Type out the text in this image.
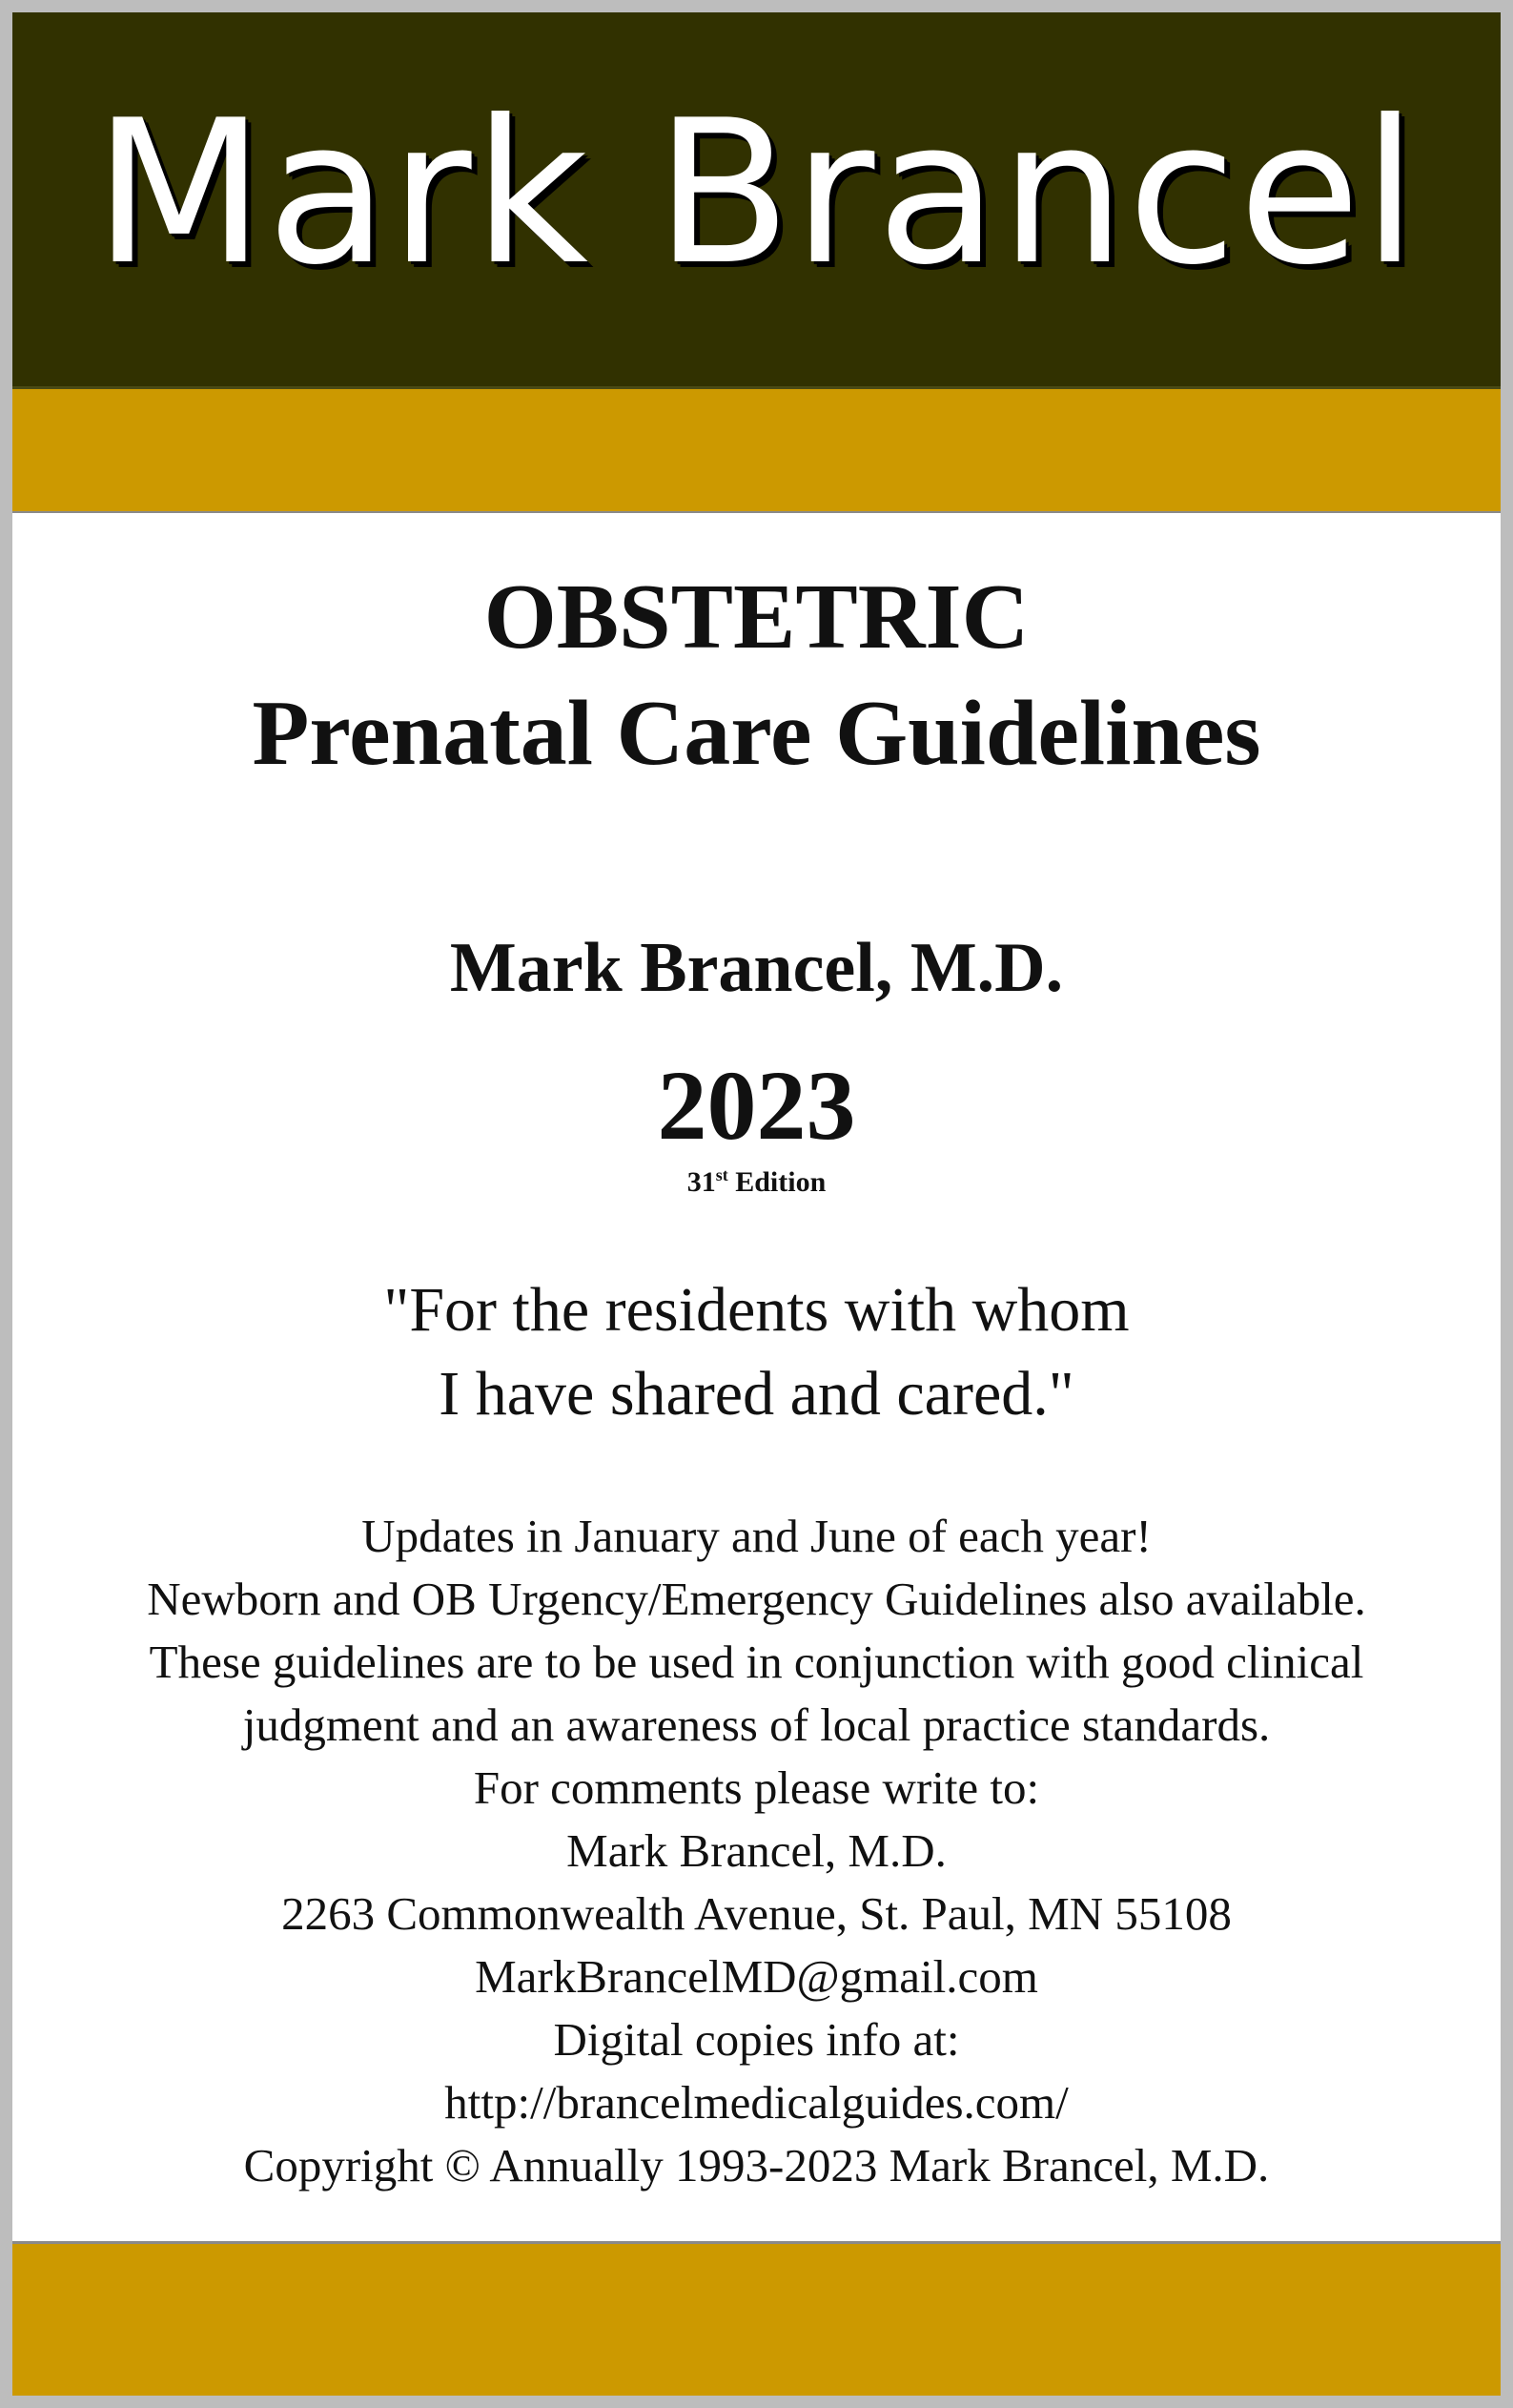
Mark Brancel
OBSTETRIC
Prenatal Care Guidelines
Mark Brancel, M.D.
2023
31st Edition
"For the residents with whom
I have shared and cared."
Updates in January and June of each year!
Newborn and OB Urgency/Emergency Guidelines also available.
These guidelines are to be used in conjunction with good clinical
judgment and an awareness of local practice standards.
For comments please write to:
Mark Brancel, M.D.
2263 Commonwealth Avenue, St. Paul, MN 55108
MarkBrancelMD@gmail.com
Digital copies info at:
http://brancelmedicalguides.com/
Copyright © Annually 1993-2023 Mark Brancel, M.D.
